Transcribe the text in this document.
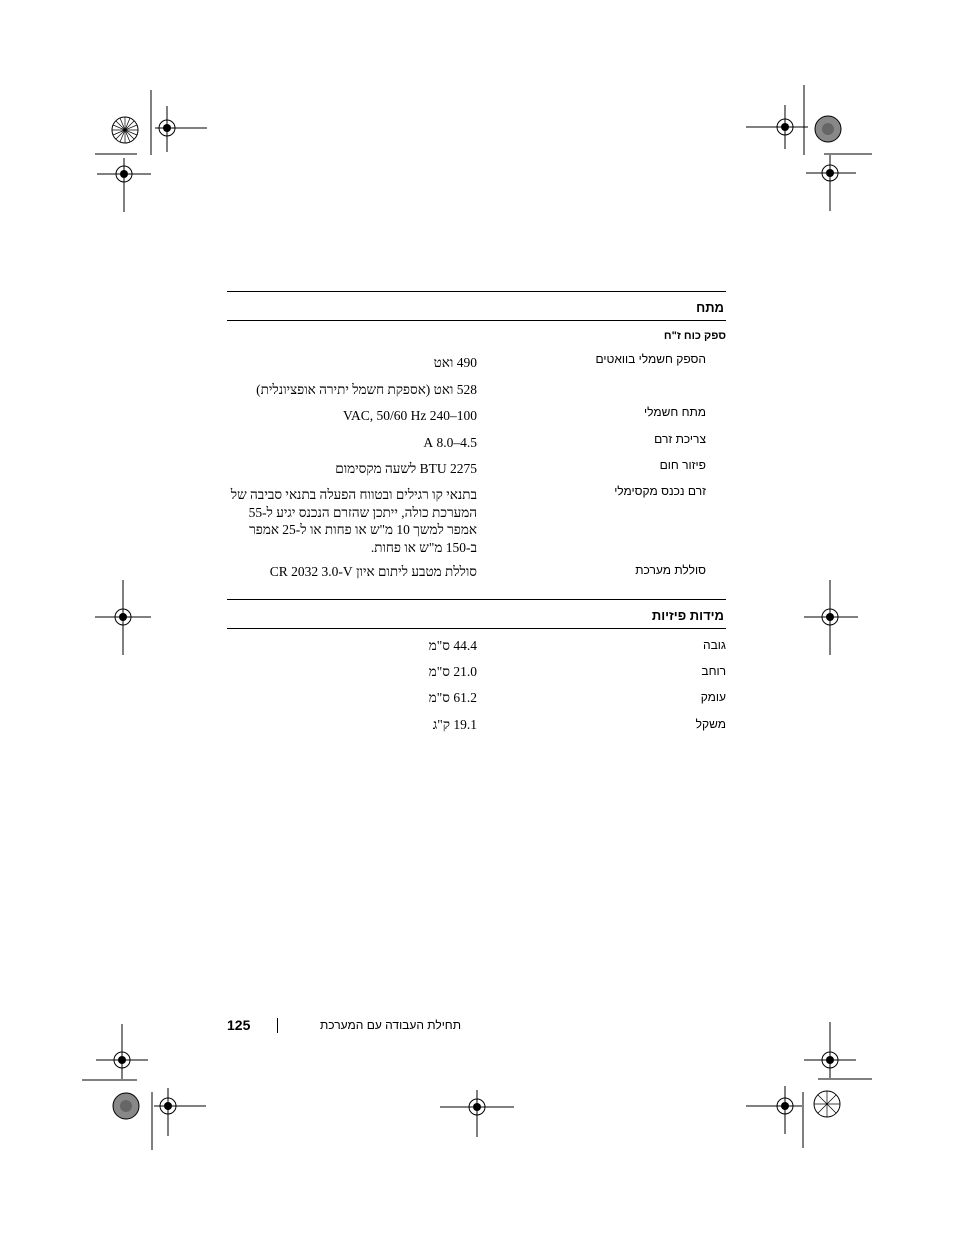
מתח
ספק כוח ז"ח
הספק חשמלי בוואטים
490 ואט
528 ואט (אספקת חשמל יתירה אופציונלית)
מתח חשמלי
100–240 VAC, 50/60 Hz
צריכת זרם
4.5–8.0 A
פיזור חום
2275 BTU לשעה מקסימום
זרם נכנס מקסימלי
בתנאי קו רגילים ובטווח הפעלה בתנאי סביבה של המערכת כולה, ייתכן שהזרם הנכנס יגיע ל-55 אמפר למשך 10 מ"ש או פחות או ל-25 אמפר ב-150 מ"ש או פחות.
סוללת מערכת
סוללת מטבע ליתום איון CR 2032 3.0-V
מידות פיזיות
גובה
44.4 ס"מ
רוחב
21.0 ס"מ
עומק
61.2 ס"מ
משקל
19.1 ק"ג
125	תחילת העבודה עם המערכת
